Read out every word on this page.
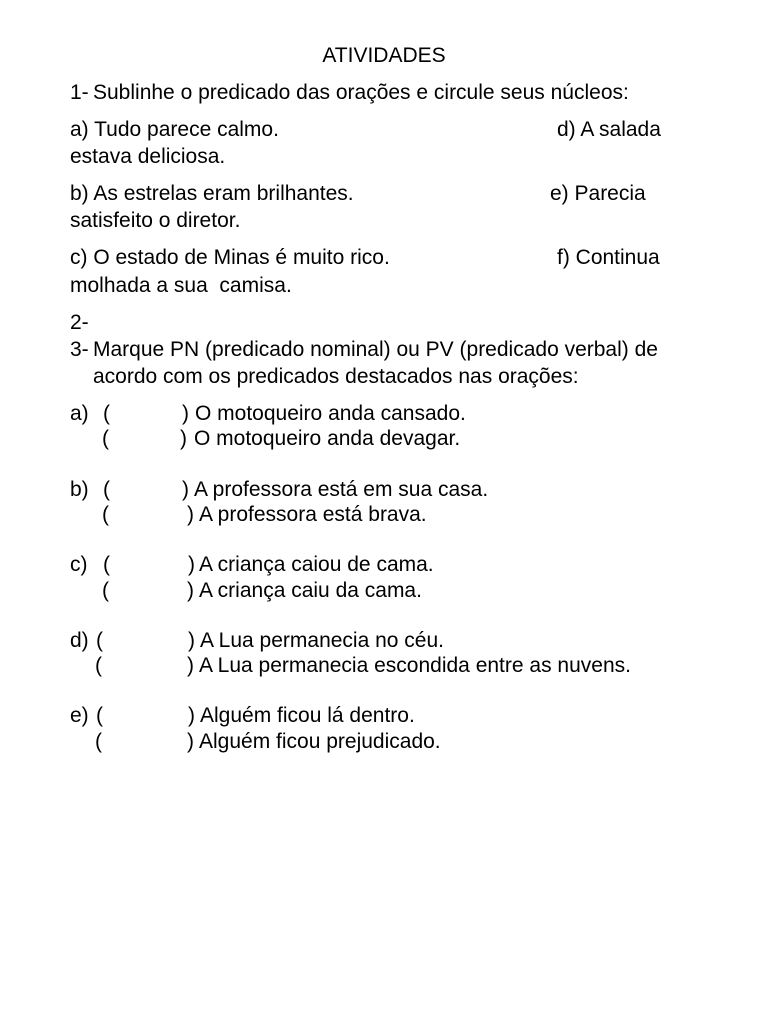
ATIVIDADES
1- Sublinhe o predicado das orações e circule seus núcleos:
a) Tudo parece calmo.	d) A salada
estava deliciosa.
b) As estrelas eram brilhantes.	e) Parecia
satisfeito o diretor.
c) O estado de Minas é muito rico.	f) Continua
molhada a sua  camisa.
2-
3- Marque PN (predicado nominal) ou PV (predicado verbal) de
acordo com os predicados destacados nas orações:
a) (	) O motoqueiro anda cansado.
(	) O motoqueiro anda devagar.
b) (	) A professora está em sua casa.
(	) A professora está brava.
c) (	) A criança caiou de cama.
(	) A criança caiu da cama.
d) (	) A Lua permanecia no céu.
(	) A Lua permanecia escondida entre as nuvens.
e) (	) Alguém ficou lá dentro.
(	) Alguém ficou prejudicado.
